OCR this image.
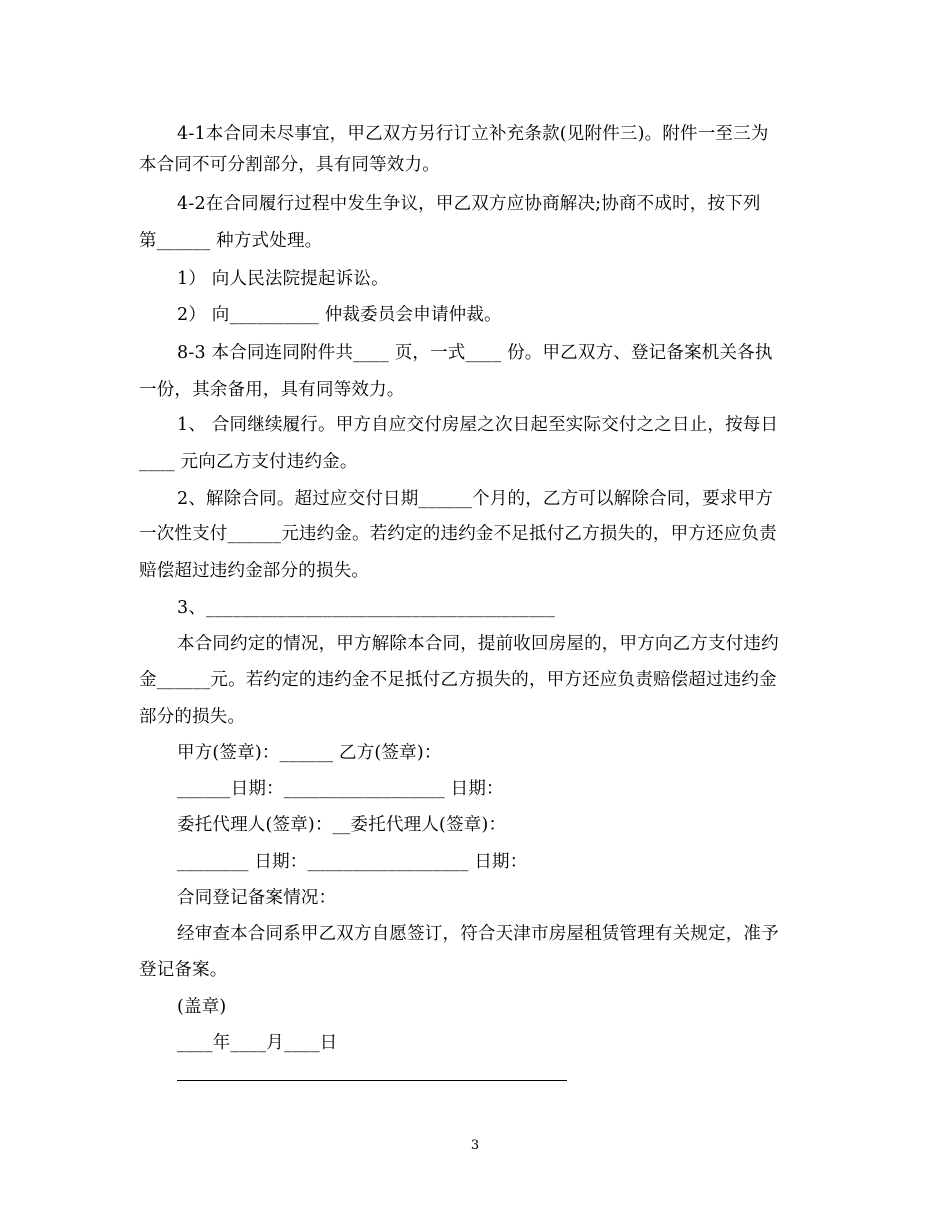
4-1本合同未尽事宜，甲乙双方另行订立补充条款(见附件三)。附件一至三为
本合同不可分割部分，具有同等效力。
4-2在合同履行过程中发生争议，甲乙双方应协商解决;协商不成时，按下列
第______ 种方式处理。
1） 向人民法院提起诉讼。
2） 向__________ 仲裁委员会申请仲裁。
8-3 本合同连同附件共____ 页，一式____ 份。甲乙双方、登记备案机关各执
一份，其余备用，具有同等效力。
1、 合同继续履行。甲方自应交付房屋之次日起至实际交付之之日止，按每日
____ 元向乙方支付违约金。
2、解除合同。超过应交付日期______个月的，乙方可以解除合同，要求甲方
一次性支付______元违约金。若约定的违约金不足抵付乙方损失的，甲方还应负责
赔偿超过违约金部分的损失。
3、_______________________________________
本合同约定的情况，甲方解除本合同，提前收回房屋的，甲方向乙方支付违约
金______元。若约定的违约金不足抵付乙方损失的，甲方还应负责赔偿超过违约金
部分的损失。
甲方(签章)：______ 乙方(签章)：
______日期：__________________ 日期：
委托代理人(签章)：__委托代理人(签章)：
________ 日期：__________________ 日期：
合同登记备案情况：
经审查本合同系甲乙双方自愿签订，符合天津市房屋租赁管理有关规定，准予
登记备案。
(盖章)
____年____月____日
3
